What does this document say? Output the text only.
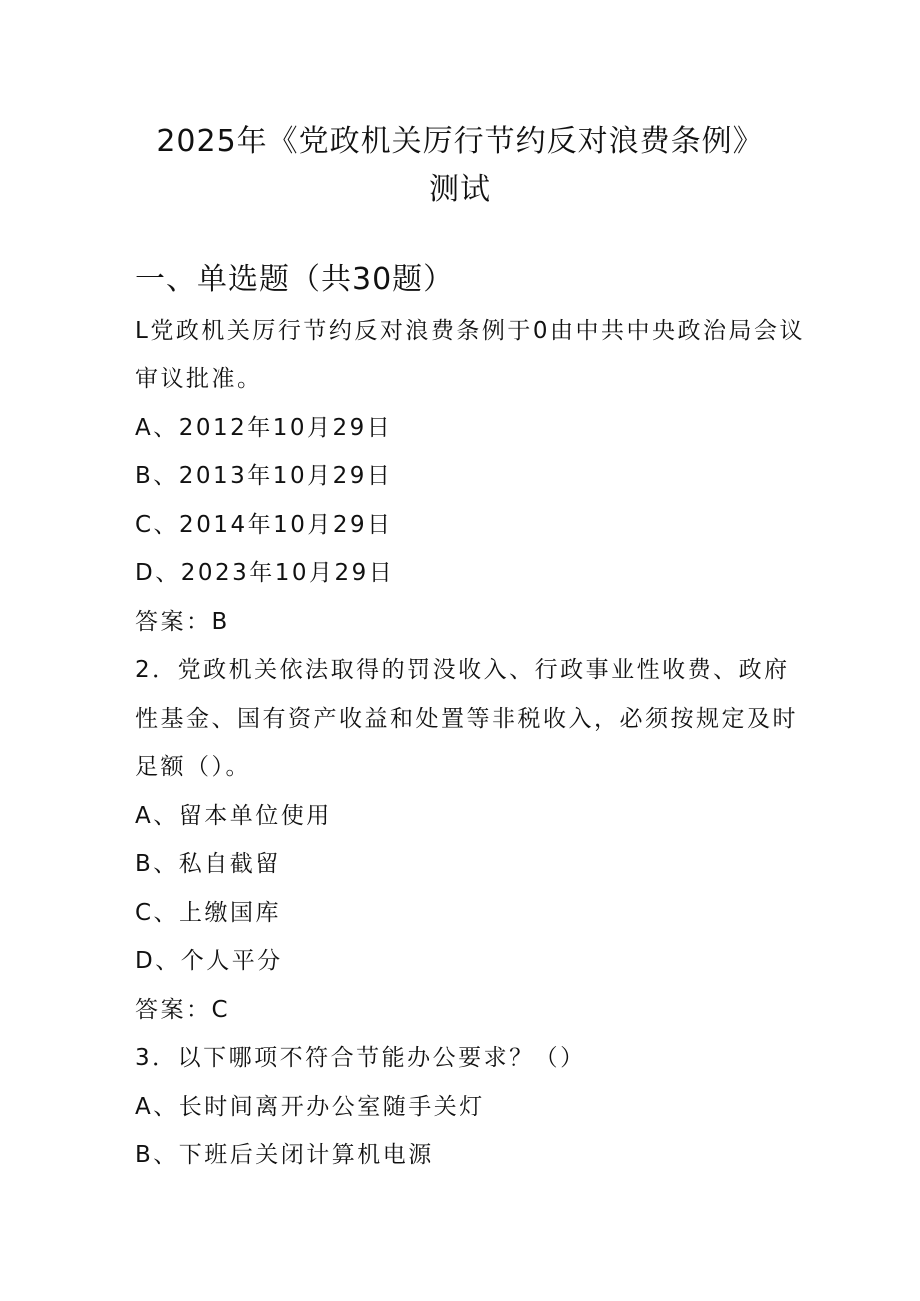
2025年《党政机关厉行节约反对浪费条例》
测试
一、单选题（共30题）

L党政机关厉行节约反对浪费条例于0由中共中央政治局会议

审议批准。

A、2012年10月29日

B、2013年10月29日

C、2014年10月29日

D、2023年10月29日

答案：B

2．党政机关依法取得的罚没收入、行政事业性收费、政府

性基金、国有资产收益和处置等非税收入，必须按规定及时

足额（）。

A、留本单位使用

B、私自截留

C、上缴国库

D、个人平分

答案：C

3．以下哪项不符合节能办公要求？（）

A、长时间离开办公室随手关灯

B、下班后关闭计算机电源
